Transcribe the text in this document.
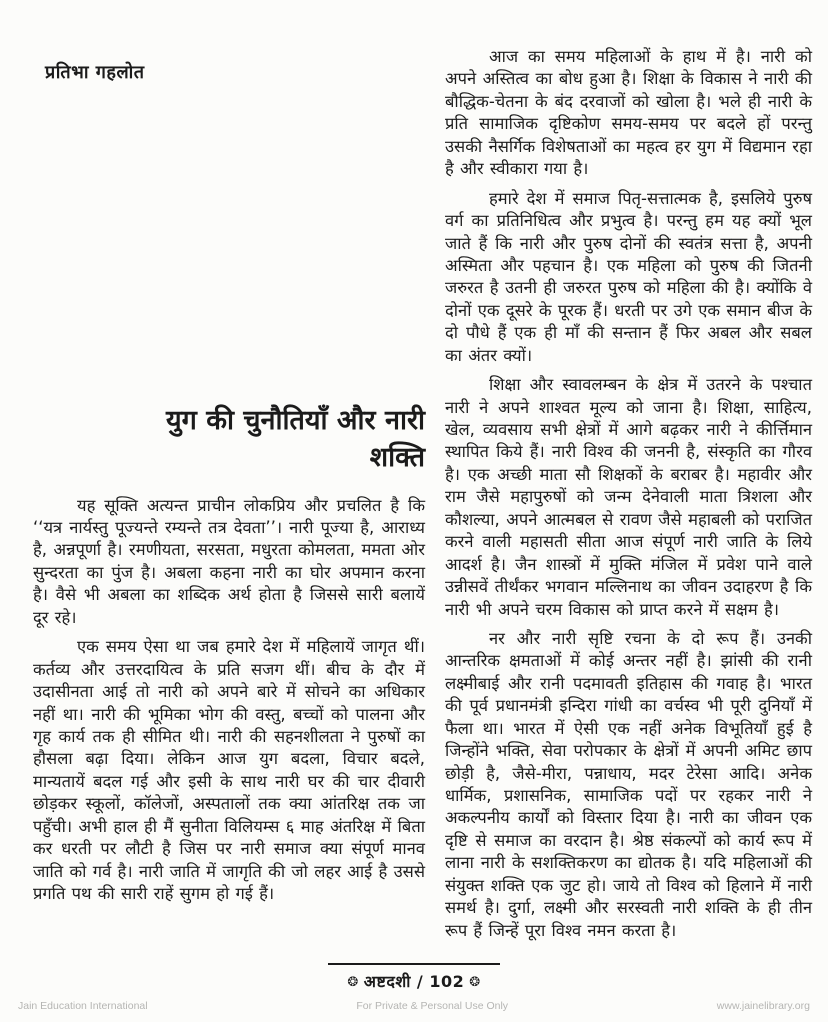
प्रतिभा गहलोत
युग की चुनौतियाँ और नारी
शक्ति

यह सूक्ति अत्यन्त प्राचीन लोकप्रिय और प्रचलित है कि ‘‘यत्र नार्यस्तु पूज्यन्ते रम्यन्ते तत्र देवता’’। नारी पूज्या है, आराध्य है, अन्नपूर्णा है। रमणीयता, सरसता, मधुरता कोमलता, ममता ओर सुन्दरता का पुंज है। अबला कहना नारी का घोर अपमान करना है। वैसे भी अबला का शब्दिक अर्थ होता है जिससे सारी बलायें दूर रहे।

एक समय ऐसा था जब हमारे देश में महिलायें जागृत थीं। कर्तव्य और उत्तरदायित्व के प्रति सजग थीं। बीच के दौर में उदासीनता आई तो नारी को अपने बारे में सोचने का अधिकार नहीं था। नारी की भूमिका भोग की वस्तु, बच्चों को पालना और गृह कार्य तक ही सीमित थी। नारी की सहनशीलता ने पुरुषों का हौसला बढ़ा दिया। लेकिन आज युग बदला, विचार बदले, मान्यतायें बदल गई और इसी के साथ नारी घर की चार दीवारी छोड़कर स्कूलों, कॉलेजों, अस्पतालों तक क्या आंतरिक्ष तक जा पहुँची। अभी हाल ही मैं सुनीता विलियम्स ६ माह अंतरिक्ष में बिता कर धरती पर लौटी है जिस पर नारी समाज क्या संपूर्ण मानव जाति को गर्व है। नारी जाति में जागृति की जो लहर आई है उससे प्रगति पथ की सारी राहें सुगम हो गई हैं।

आज का समय महिलाओं के हाथ में है। नारी को अपने अस्तित्व का बोध हुआ है। शिक्षा के विकास ने नारी की बौद्धिक-चेतना के बंद दरवाजों को खोला है। भले ही नारी के प्रति सामाजिक दृष्टिकोण समय-समय पर बदले हों परन्तु उसकी नैसर्गिक विशेषताओं का महत्व हर युग में विद्यमान रहा है और स्वीकारा गया है।

हमारे देश में समाज पितृ-सत्तात्मक है, इसलिये पुरुष वर्ग का प्रतिनिधित्व और प्रभुत्व है। परन्तु हम यह क्यों भूल जाते हैं कि नारी और पुरुष दोनों की स्वतंत्र सत्ता है, अपनी अस्मिता और पहचान है। एक महिला को पुरुष की जितनी जरुरत है उतनी ही जरुरत पुरुष को महिला की है। क्योंकि वे दोनों एक दूसरे के पूरक हैं। धरती पर उगे एक समान बीज के दो पौधे हैं एक ही माँ की सन्तान हैं फिर अबल और सबल का अंतर क्यों।

शिक्षा और स्वावलम्बन के क्षेत्र में उतरने के पश्चात नारी ने अपने शाश्वत मूल्य को जाना है। शिक्षा, साहित्य, खेल, व्यवसाय सभी क्षेत्रों में आगे बढ़कर नारी ने कीर्त्तिमान स्थापित किये हैं। नारी विश्व की जननी है, संस्कृति का गौरव है। एक अच्छी माता सौ शिक्षकों के बराबर है। महावीर और राम जैसे महापुरुषों को जन्म देनेवाली माता त्रिशला और कौशल्या, अपने आत्मबल से रावण जैसे महाबली को पराजित करने वाली महासती सीता आज संपूर्ण नारी जाति के लिये आदर्श है। जैन शास्त्रों में मुक्ति मंजिल में प्रवेश पाने वाले उन्नीसवें तीर्थंकर भगवान मल्लिनाथ का जीवन उदाहरण है कि नारी भी अपने चरम विकास को प्राप्त करने में सक्षम है।

नर और नारी सृष्टि रचना के दो रूप हैं। उनकी आन्तरिक क्षमताओं में कोई अन्तर नहीं है। झांसी की रानी लक्ष्मीबाई और रानी पदमावती इतिहास की गवाह है। भारत की पूर्व प्रधानमंत्री इन्दिरा गांधी का वर्चस्व भी पूरी दुनियाँ में फैला था। भारत में ऐसी एक नहीं अनेक विभूतियाँ हुई है जिन्होंने भक्ति, सेवा परोपकार के क्षेत्रों में अपनी अमिट छाप छोड़ी है, जैसे-मीरा, पन्नाधाय, मदर टेरेसा आदि। अनेक धार्मिक, प्रशासनिक, सामाजिक पदों पर रहकर नारी ने अकल्पनीय कार्यों को विस्तार दिया है। नारी का जीवन एक दृष्टि से समाज का वरदान है। श्रेष्ठ संकल्पों को कार्य रूप में लाना नारी के सशक्तिकरण का द्योतक है। यदि महिलाओं की संयुक्त शक्ति एक जुट हो। जाये तो विश्व को हिलाने में नारी समर्थ है। दुर्गा, लक्ष्मी और सरस्वती नारी शक्ति के ही तीन रूप हैं जिन्हें पूरा विश्व नमन करता है।

❂ अष्टदशी / 102 ❂
Jain Education International	For Private & Personal Use Only	www.jainelibrary.org
